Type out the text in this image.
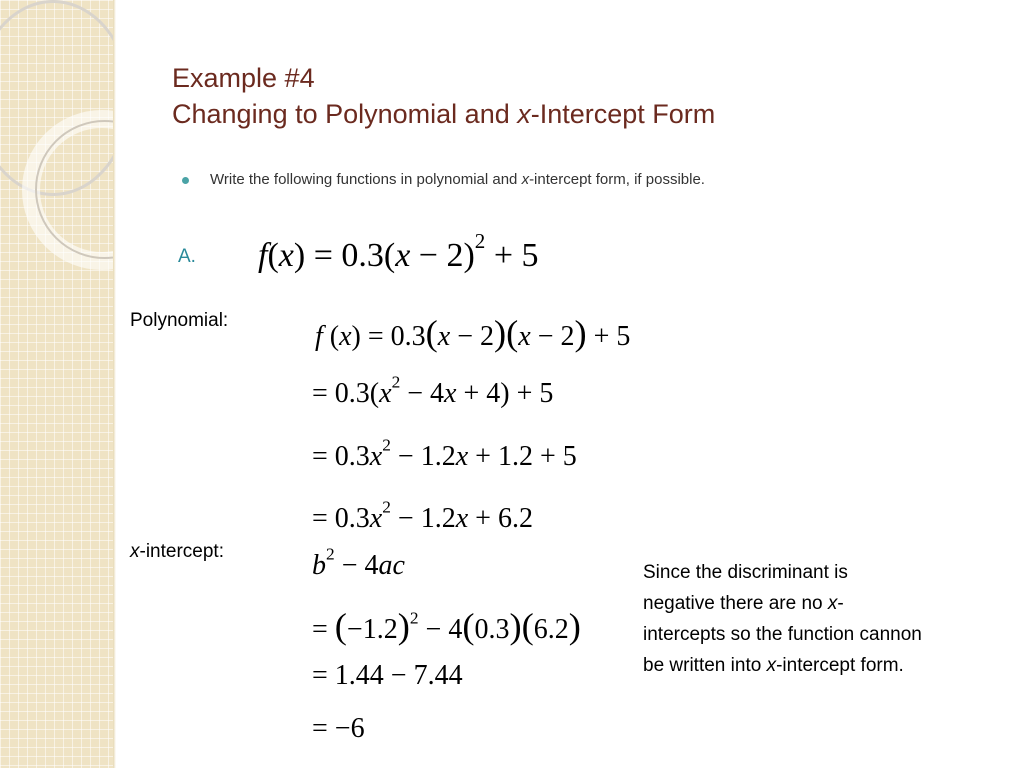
Example #4
Changing to Polynomial and x-Intercept Form
Write the following functions in polynomial and x-intercept form, if possible.
A. $f(x) = 0.3(x - 2)^2 + 5$
Polynomial:
f (x) = 0.3(x − 2)(x − 2) + 5
= $0.3(x^2 - 4x + 4) + 5$
= $0.3x^2 - 1.2x + 1.2 + 5$
= $0.3x^2 - 1.2x + 6.2$
x-intercept:	$b^2 - 4ac$
= $(-1.2)^2 - 4(0.3)(6.2)$
= 1.44 − 7.44
= −6

Since the discriminant is negative there are no x-intercepts so the function cannon be written into x-intercept form.
